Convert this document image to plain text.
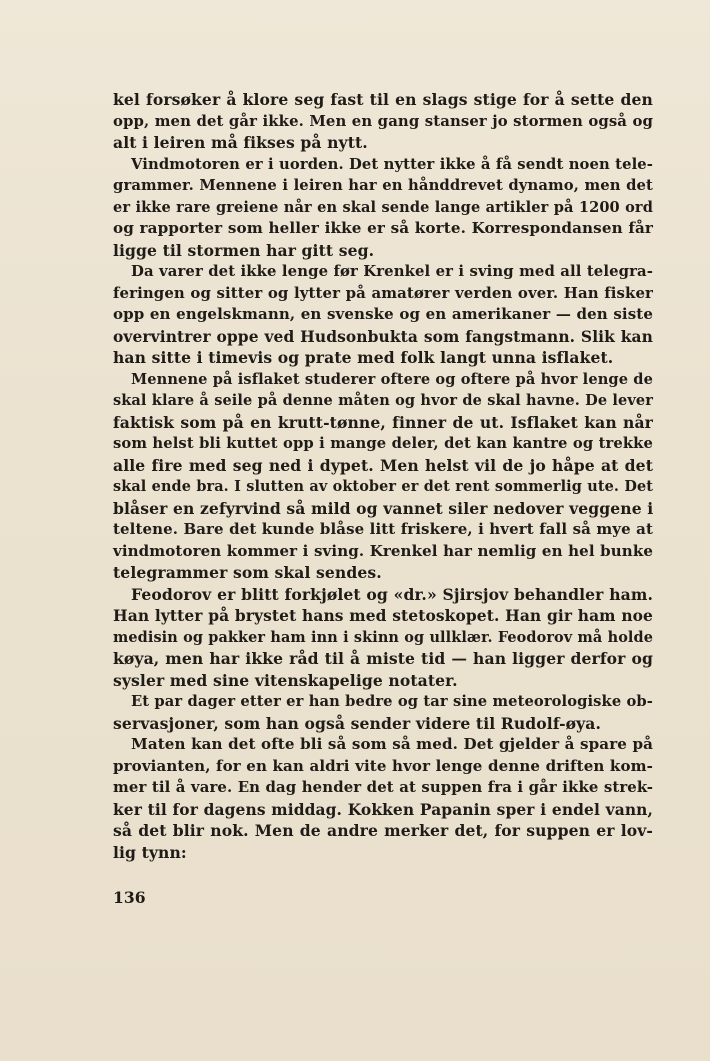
kel forsøker å klore seg fast til en slags stige for å sette den
opp, men det går ikke. Men en gang stanser jo stormen også og
alt i leiren må fikses på nytt.
Vindmotoren er i uorden. Det nytter ikke å få sendt noen tele-
grammer. Mennene i leiren har en hånddrevet dynamo, men det
er ikke rare greiene når en skal sende lange artikler på 1200 ord
og rapporter som heller ikke er så korte. Korrespondansen får
ligge til stormen har gitt seg.
Da varer det ikke lenge før Krenkel er i sving med all telegra-
feringen og sitter og lytter på amatører verden over. Han fisker
opp en engelskmann, en svenske og en amerikaner — den siste
overvintrer oppe ved Hudsonbukta som fangstmann. Slik kan
han sitte i timevis og prate med folk langt unna isflaket.
Mennene på isflaket studerer oftere og oftere på hvor lenge de
skal klare å seile på denne måten og hvor de skal havne. De lever
faktisk som på en krutt-tønne, finner de ut. Isflaket kan når
som helst bli kuttet opp i mange deler, det kan kantre og trekke
alle fire med seg ned i dypet. Men helst vil de jo håpe at det
skal ende bra. I slutten av oktober er det rent sommerlig ute. Det
blåser en zefyrvind så mild og vannet siler nedover veggene i
teltene. Bare det kunde blåse litt friskere, i hvert fall så mye at
vindmotoren kommer i sving. Krenkel har nemlig en hel bunke
telegrammer som skal sendes.
Feodorov er blitt forkjølet og «dr.» Sjirsjov behandler ham.
Han lytter på brystet hans med stetoskopet. Han gir ham noe
medisin og pakker ham inn i skinn og ullklær. Feodorov må holde
køya, men har ikke råd til å miste tid — han ligger derfor og
sysler med sine vitenskapelige notater.
Et par dager etter er han bedre og tar sine meteorologiske ob-
servasjoner, som han også sender videre til Rudolf-øya.
Maten kan det ofte bli så som så med. Det gjelder å spare på
provianten, for en kan aldri vite hvor lenge denne driften kom-
mer til å vare. En dag hender det at suppen fra i går ikke strek-
ker til for dagens middag. Kokken Papanin sper i endel vann,
så det blir nok. Men de andre merker det, for suppen er lov-
lig tynn:
136
